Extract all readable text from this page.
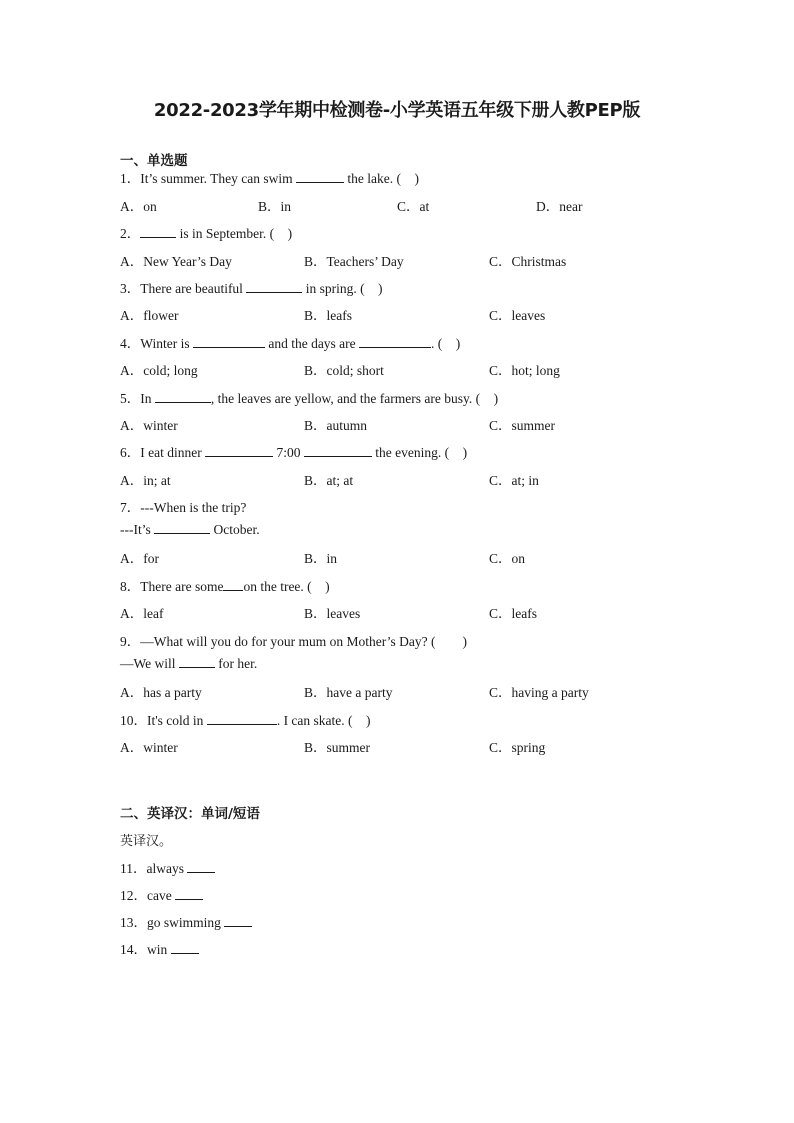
2022-2023学年期中检测卷-小学英语五年级下册人教PEP版
一、单选题
1．It’s summer. They can swim	the lake. (　)
A．on	B．in	C．at	D．near
2．	is in September. (　)
A．New Year’s Day	B．Teachers’ Day	C．Christmas
3．There are beautiful	in spring. (　)
A．flower	B．leafs	C．leaves
4．Winter is	and the days are	. (　)
A．cold; long	B．cold; short	C．hot; long
5．In	, the leaves are yellow, and the farmers are busy. (　)
A．winter	B．autumn	C．summer
6．I eat dinner	7:00	the evening. (　)
A．in; at	B．at; at	C．at; in
7．---When is the trip?
---It’s	October.
A．for	B．in	C．on
8．There are some on the tree. (　)
A．leaf	B．leaves	C．leafs
9．—What will you do for your mum on Mother’s Day? (　　)
—We will	for her.
A．has a party	B．have a party	C．having a party
10．It's cold in	. I can skate. (　)
A．winter	B．summer	C．spring
二、英译汉：单词/短语
英译汉。
11．always
12．cave
13．go swimming
14．win
